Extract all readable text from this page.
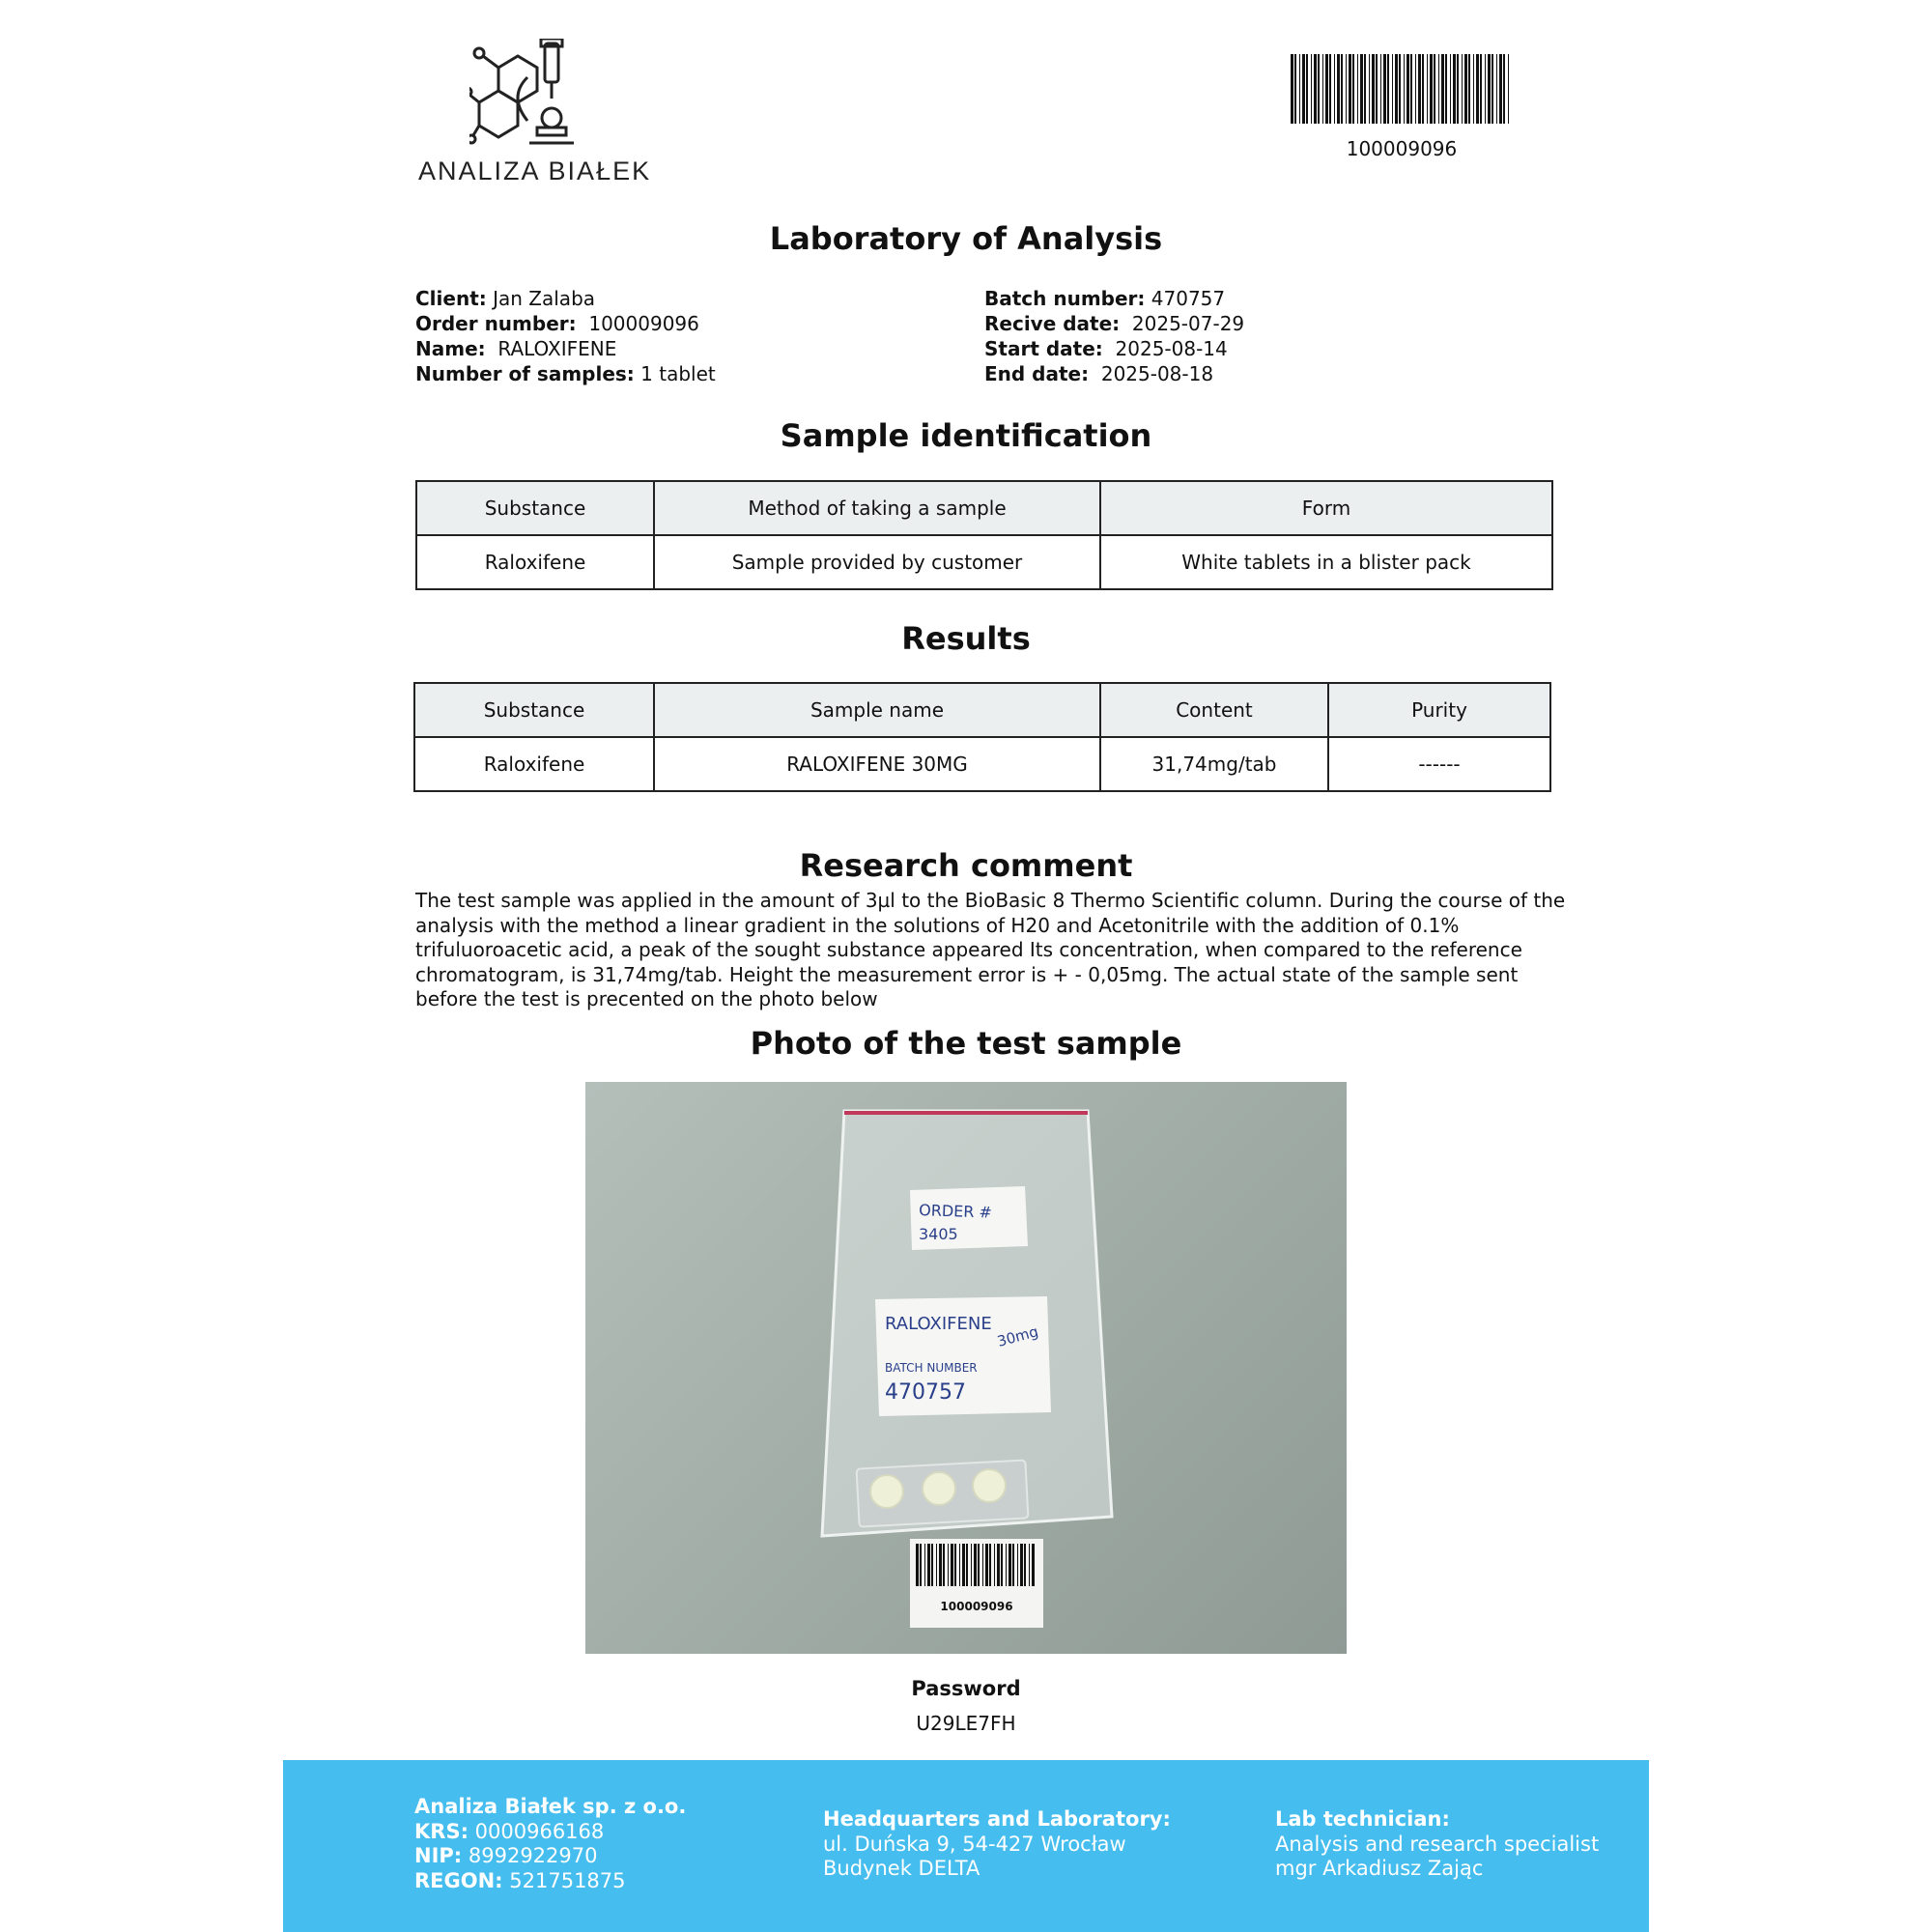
ANALIZA BIAŁEK
100009096
Laboratory of Analysis
Client: Jan Zalaba
Order number: 100009096
Name: RALOXIFENE
Number of samples: 1 tablet
Batch number: 470757
Recive date: 2025-07-29
Start date: 2025-08-14
End date: 2025-08-18
Sample identification
Substance	Method of taking a sample	Form
Raloxifene	Sample provided by customer	White tablets in a blister pack
Results
Substance	Sample name	Content	Purity
Raloxifene	RALOXIFENE 30MG	31,74mg/tab	------
Research comment
The test sample was applied in the amount of 3µl to the BioBasic 8 Thermo Scientific column. During the course of the analysis with the method a linear gradient in the solutions of H20 and Acetonitrile with the addition of 0.1% trifuluoroacetic acid, a peak of the sought substance appeared Its concentration, when compared to the reference chromatogram, is 31,74mg/tab. Height the measurement error is + - 0,05mg. The actual state of the sample sent before the test is precented on the photo below
Photo of the test sample
ORDER #
3405
RALOXIFENE 30mg
BATCH NUMBER
470757
100009096
Password
U29LE7FH
Analiza Białek sp. z o.o.
KRS: 0000966168
NIP: 8992922970
REGON: 521751875
Headquarters and Laboratory:
ul. Duńska 9, 54-427 Wrocław
Budynek DELTA
Lab technician:
Analysis and research specialist
mgr Arkadiusz Zając
